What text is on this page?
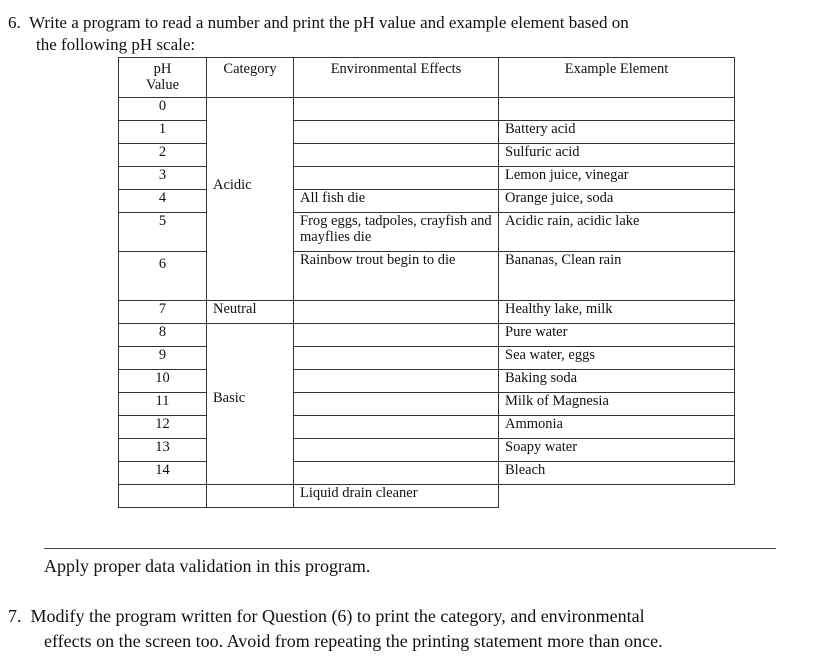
6. Write a program to read a number and print the pH value and example element based on
the following pH scale:
pH
Value	Category	Environmental Effects	Example Element
0	Acidic		
1			Battery acid
2			Sulfuric acid
3			Lemon juice, vinegar
4		All fish die	Orange juice, soda
5		Frog eggs, tadpoles, crayfish and mayflies die	Acidic rain, acidic lake
6		Rainbow trout begin to die	Bananas, Clean rain
7	Neutral		Healthy lake, milk
8	Basic		Pure water
9			Sea water, eggs
10			Baking soda
11			Milk of Magnesia
12			Ammonia
13			Soapy water
14			Bleach
		Liquid drain cleaner	
Apply proper data validation in this program.
7. Modify the program written for Question (6) to print the category, and environmental
effects on the screen too. Avoid from repeating the printing statement more than once.
